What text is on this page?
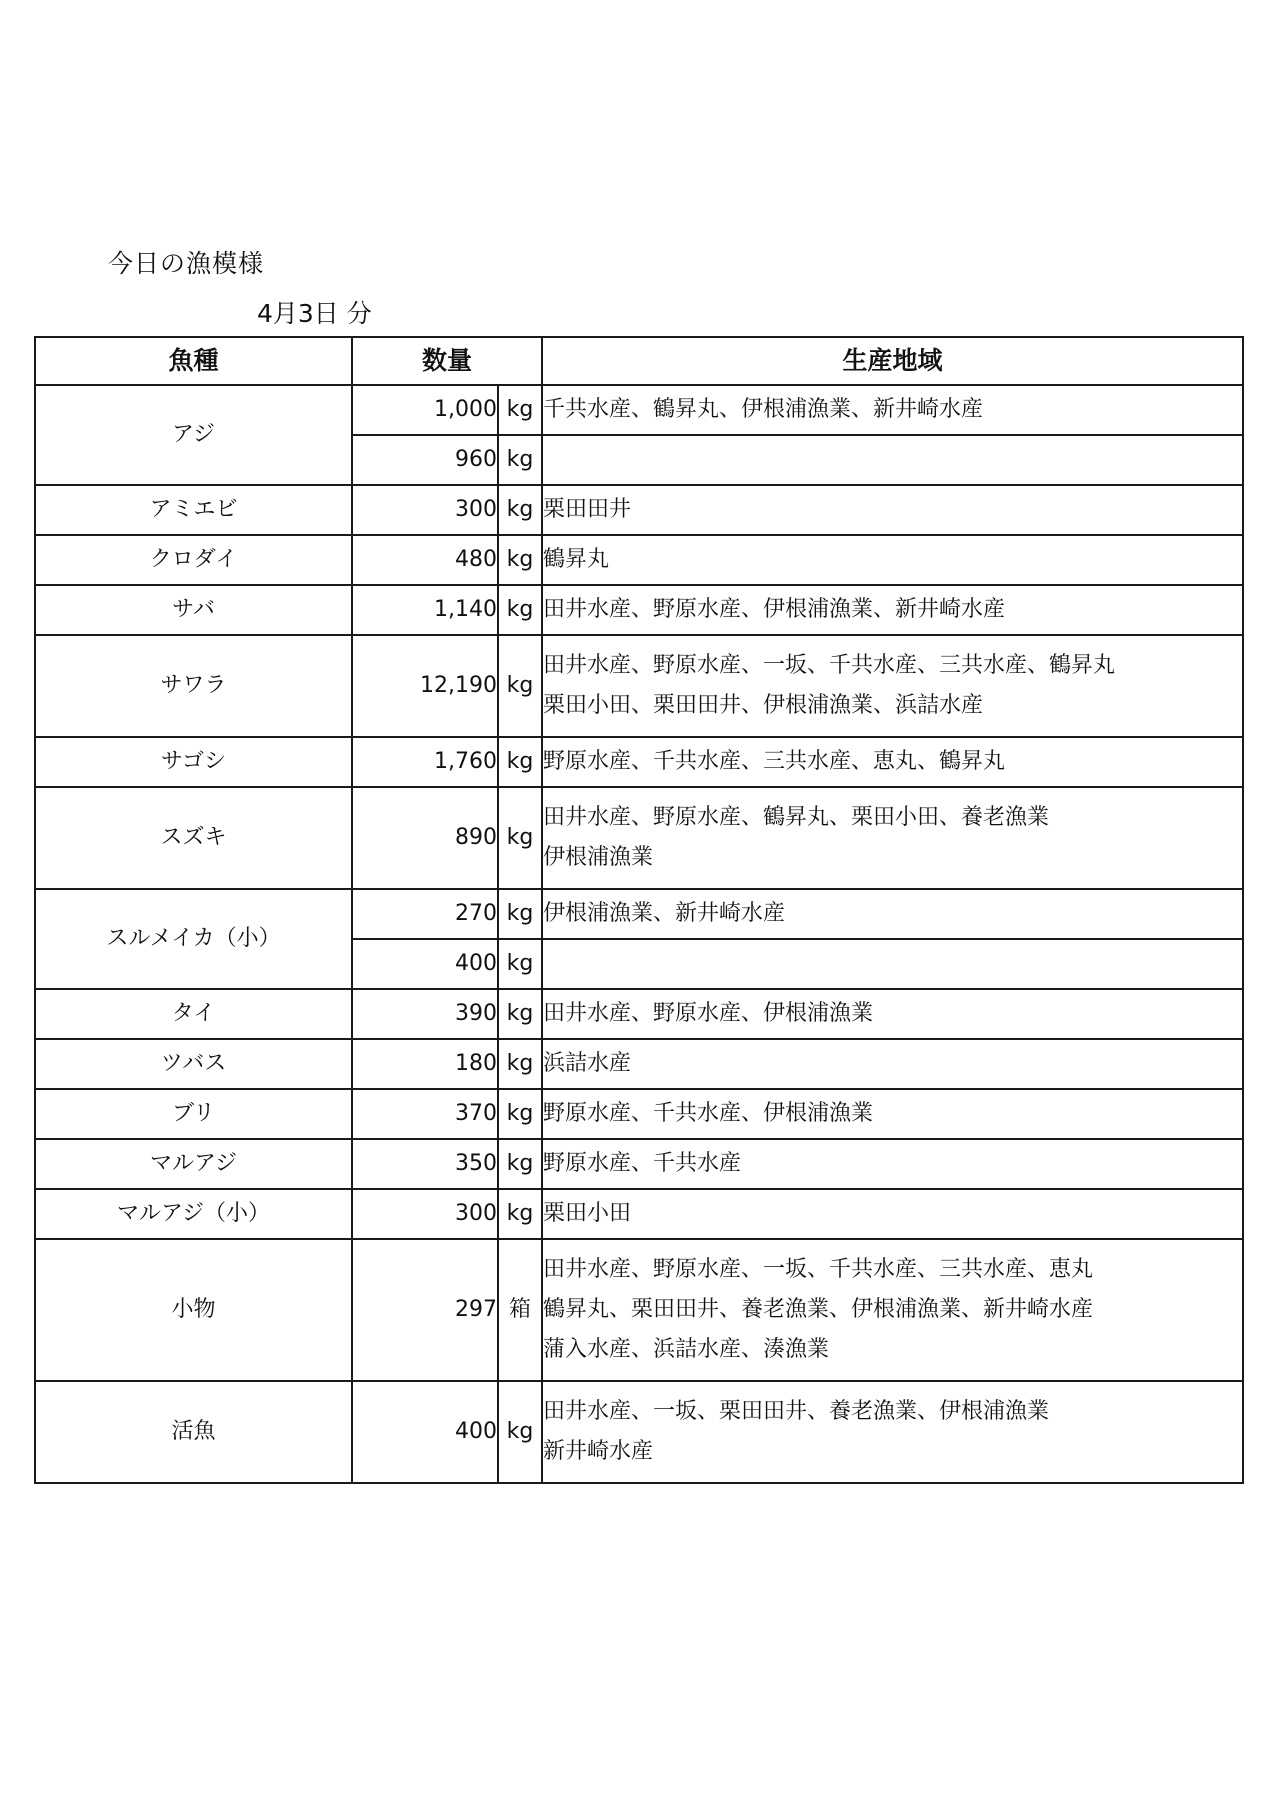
今日の漁模様
4月3日 分
魚種	数量		生産地域
アジ	1,000	kg	千共水産、鶴昇丸、伊根浦漁業、新井崎水産

	960	kg	
アミエビ	300	kg	栗田田井

クロダイ	480	kg	鶴昇丸

サバ	1,140	kg	田井水産、野原水産、伊根浦漁業、新井崎水産

サワラ	12,190	kg	田井水産、野原水産、一坂、千共水産、三共水産、鶴昇丸
栗田小田、栗田田井、伊根浦漁業、浜詰水産

サゴシ	1,760	kg	野原水産、千共水産、三共水産、恵丸、鶴昇丸

スズキ	890	kg	田井水産、野原水産、鶴昇丸、栗田小田、養老漁業
伊根浦漁業

スルメイカ（小）	270	kg	伊根浦漁業、新井崎水産

	400	kg	
タイ	390	kg	田井水産、野原水産、伊根浦漁業

ツバス	180	kg	浜詰水産

ブリ	370	kg	野原水産、千共水産、伊根浦漁業

マルアジ	350	kg	野原水産、千共水産

マルアジ（小）	300	kg	栗田小田

小物	297	箱	田井水産、野原水産、一坂、千共水産、三共水産、恵丸
鶴昇丸、栗田田井、養老漁業、伊根浦漁業、新井崎水産
蒲入水産、浜詰水産、湊漁業

活魚	400	kg	田井水産、一坂、栗田田井、養老漁業、伊根浦漁業
新井崎水産
